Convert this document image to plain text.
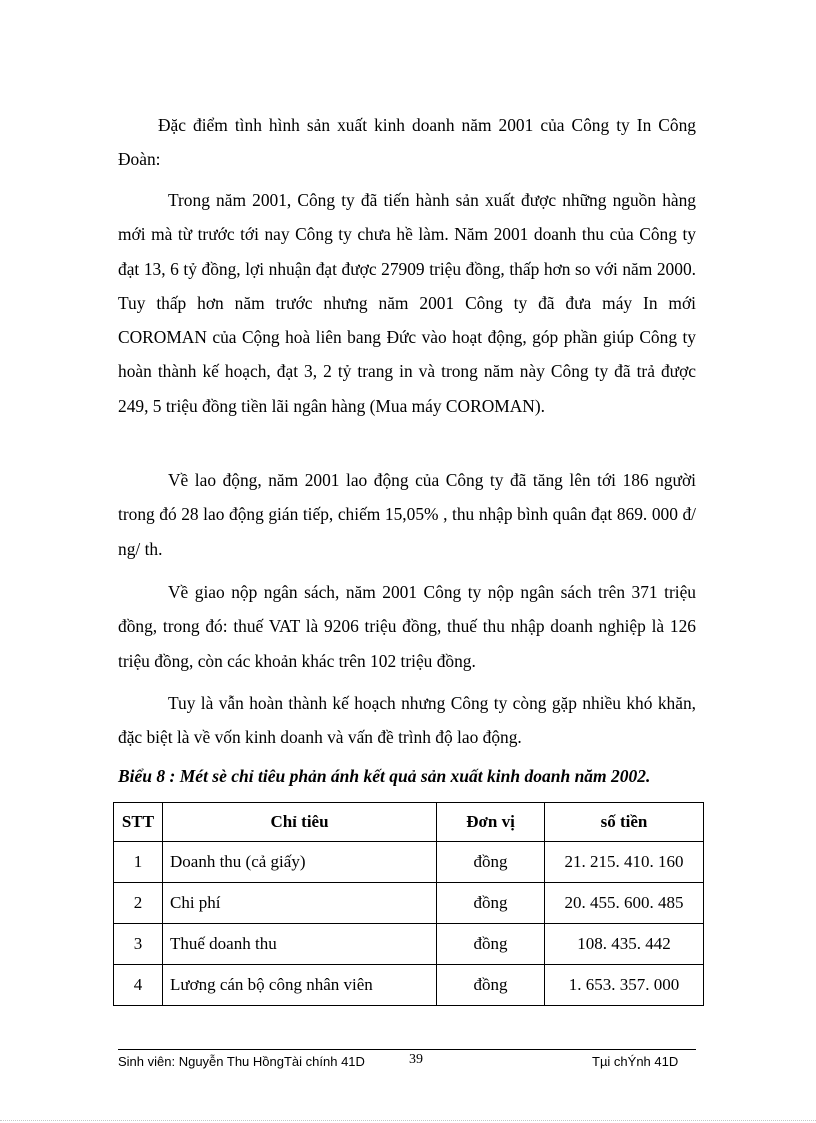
Đặc điểm tình hình sản xuất kinh doanh năm 2001 của Công ty In Công Đoàn:

Trong năm 2001, Công ty đã tiến hành sản xuất được những nguồn hàng mới mà từ trước tới nay Công ty chưa hề làm. Năm 2001 doanh thu của Công ty đạt 13, 6 tỷ đồng, lợi nhuận đạt được 27909 triệu đồng, thấp hơn so với năm 2000. Tuy thấp hơn năm trước nhưng năm 2001 Công ty đã đưa máy In mới COROMAN của Cộng hoà liên bang Đức vào hoạt động, góp phần giúp Công ty hoàn thành kế hoạch, đạt 3, 2 tỷ trang in và trong năm này Công ty đã trả được 249, 5 triệu đồng tiền lãi ngân hàng (Mua máy COROMAN).

Về lao động, năm 2001 lao động của Công ty đã tăng lên tới 186 người trong đó 28 lao động gián tiếp, chiếm 15,05% , thu nhập bình quân đạt 869. 000 đ/ ng/ th.

Về giao nộp ngân sách, năm 2001 Công ty nộp ngân sách trên 371 triệu đồng, trong đó: thuế VAT là 9206 triệu đồng, thuế thu nhập doanh nghiệp là 126 triệu đồng, còn các khoản khác trên 102 triệu đồng.

Tuy là vẫn hoàn thành kế hoạch nhưng Công ty còng gặp nhiều khó khăn, đặc biệt là về vốn kinh doanh và vấn đề trình độ lao động.

Biểu 8 : Mét sè chỉ tiêu phản ánh kết quả sản xuất kinh doanh năm 2002.

STT	Chỉ tiêu	Đơn vị	số tiền
1	Doanh thu (cả giấy)	đồng	21. 215. 410. 160
2	Chi phí	đồng	20. 455. 600. 485
3	Thuế doanh thu	đồng	108. 435. 442
4	Lương cán bộ công nhân viên	đồng	1. 653. 357. 000
Sinh viên: Nguyễn Thu HồngTài chính 41D	39	Tµi chÝnh 41D
